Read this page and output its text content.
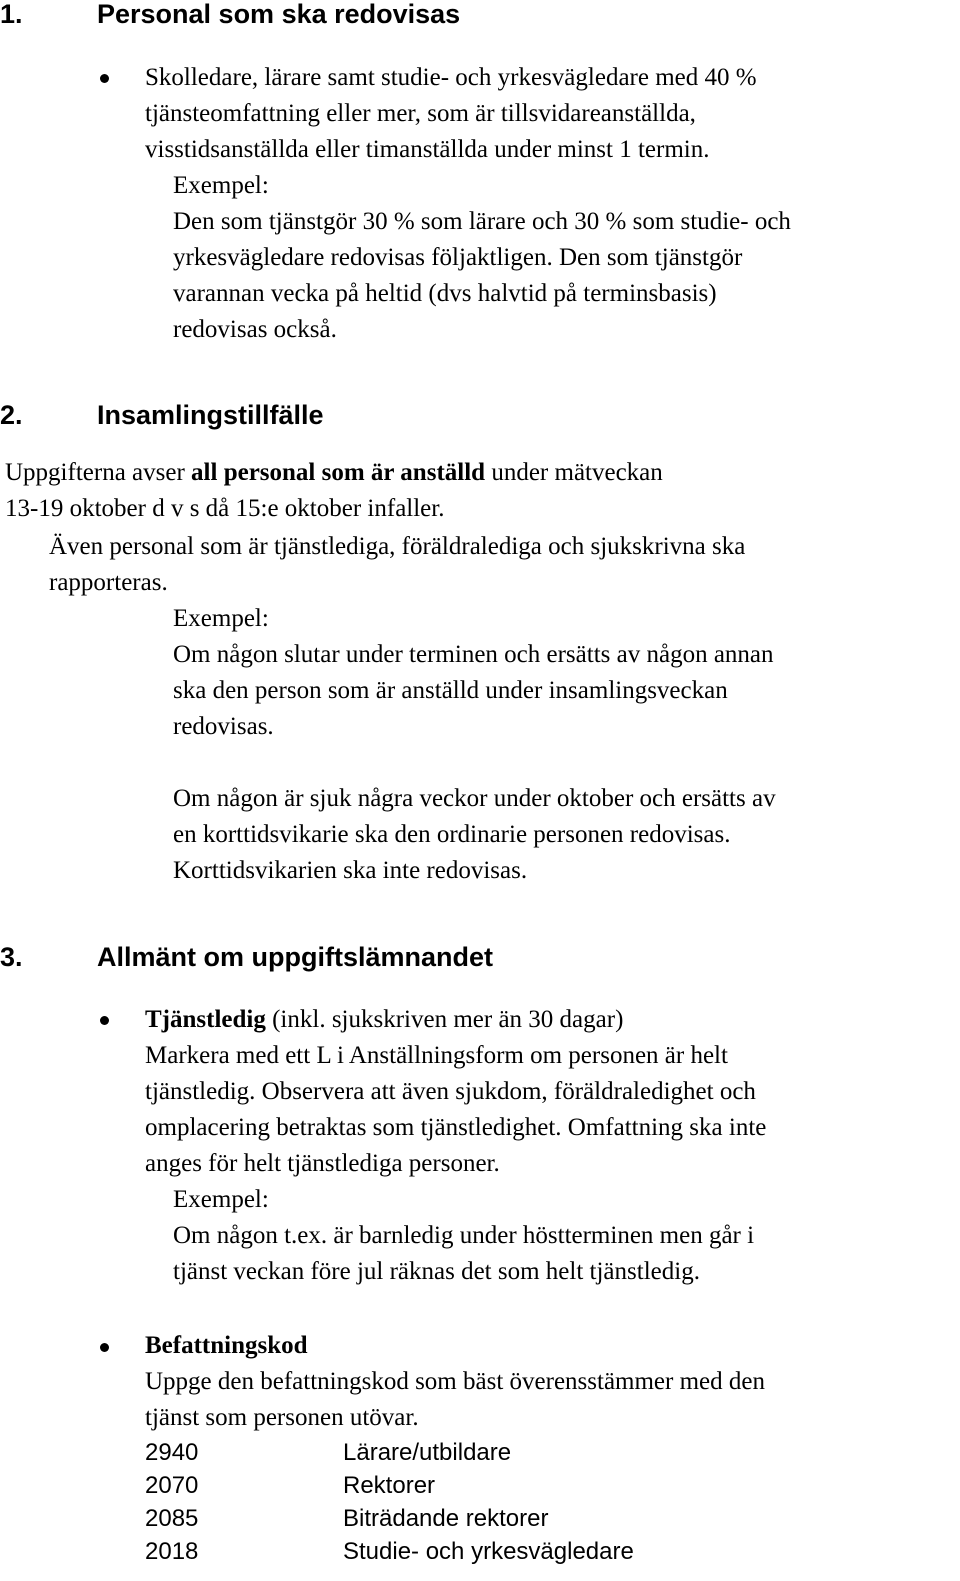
1.	Personal som ska redovisas
Skolledare, lärare samt studie- och yrkesvägledare med 40 %
tjänsteomfattning eller mer, som är tillsvidareanställda,
visstidsanställda eller timanställda under minst 1 termin.
Exempel:
Den som tjänstgör 30 % som lärare och 30 % som studie- och
yrkesvägledare redovisas följaktligen. Den som tjänstgör
varannan vecka på heltid (dvs halvtid på terminsbasis)
redovisas också.
2.	Insamlingstillfälle
Uppgifterna avser all personal som är anställd under mätveckan
13-19 oktober d v s då 15:e oktober infaller.
Även personal som är tjänstlediga, föräldralediga och sjukskrivna ska
rapporteras.
Exempel:
Om någon slutar under terminen och ersätts av någon annan
ska den person som är anställd under insamlingsveckan
redovisas.
Om någon är sjuk några veckor under oktober och ersätts av
en korttidsvikarie ska den ordinarie personen redovisas.
Korttidsvikarien ska inte redovisas.
3.	Allmänt om uppgiftslämnandet
Tjänstledig (inkl. sjukskriven mer än 30 dagar)
Markera med ett L i Anställningsform om personen är helt
tjänstledig. Observera att även sjukdom, föräldraledighet och
omplacering betraktas som tjänstledighet. Omfattning ska inte
anges för helt tjänstlediga personer.
Exempel:
Om någon t.ex. är barnledig under höstterminen men går i
tjänst veckan före jul räknas det som helt tjänstledig.
Befattningskod
Uppge den befattningskod som bäst överensstämmer med den
tjänst som personen utövar.
2940	Lärare/utbildare
2070	Rektorer
2085	Biträdande rektorer
2018	Studie- och yrkesvägledare
